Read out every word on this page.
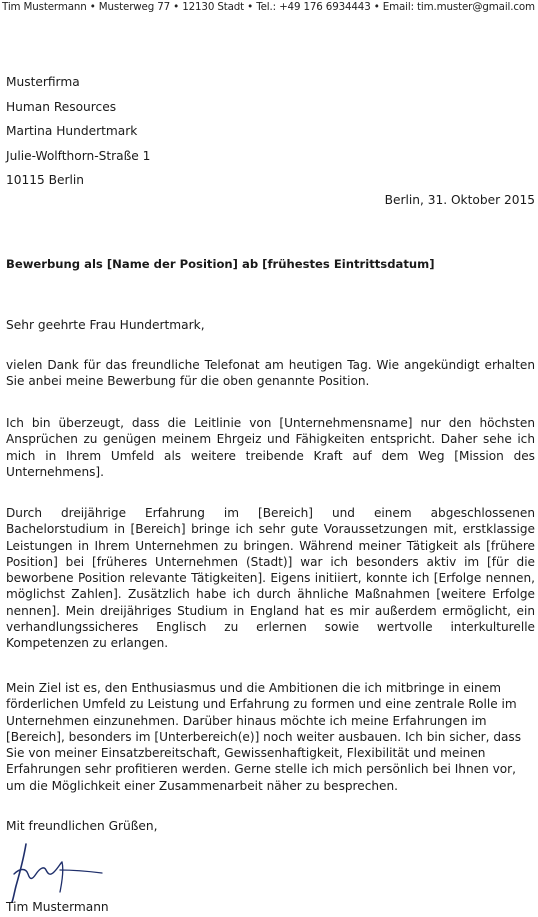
Tim Mustermann • Musterweg 77 • 12130 Stadt • Tel.: +49 176 6934443 • Email: tim.muster@gmail.com
Musterfirma
Human Resources
Martina Hundertmark
Julie-Wolfthorn-Straße 1
10115 Berlin
Berlin, 31. Oktober 2015
Bewerbung als [Name der Position] ab [frühestes Eintrittsdatum]
Sehr geehrte Frau Hundertmark,

vielen Dank für das freundliche Telefonat am heutigen Tag. Wie angekündigt erhalten Sie anbei meine Bewerbung für die oben genannte Position.

Ich bin überzeugt, dass die Leitlinie von [Unternehmensname] nur den höchsten Ansprüchen zu genügen meinem Ehrgeiz und Fähigkeiten entspricht. Daher sehe ich mich in Ihrem Umfeld als weitere treibende Kraft auf dem Weg [Mission des Unternehmens].

Durch dreijährige Erfahrung im [Bereich] und einem abgeschlossenen Bachelorstudium in [Bereich] bringe ich sehr gute Voraussetzungen mit, erstklassige Leistungen in Ihrem Unternehmen zu bringen. Während meiner Tätigkeit als [frühere Position] bei [früheres Unternehmen (Stadt)] war ich besonders aktiv im [für die beworbene Position relevante Tätigkeiten]. Eigens initiiert, konnte ich [Erfolge nennen, möglichst Zahlen]. Zusätzlich habe ich durch ähnliche Maßnahmen [weitere Erfolge nennen]. Mein dreijähriges Studium in England hat es mir außerdem ermöglicht, ein verhandlungssicheres Englisch zu erlernen sowie wertvolle interkulturelle Kompetenzen zu erlangen.

Mein Ziel ist es, den Enthusiasmus und die Ambitionen die ich mitbringe in einem förderlichen Umfeld zu Leistung und Erfahrung zu formen und eine zentrale Rolle im Unternehmen einzunehmen. Darüber hinaus möchte ich meine Erfahrungen im [Bereich], besonders im [Unterbereich(e)] noch weiter ausbauen. Ich bin sicher, dass Sie von meiner Einsatzbereitschaft, Gewissenhaftigkeit, Flexibilität und meinen Erfahrungen sehr profitieren werden. Gerne stelle ich mich persönlich bei Ihnen vor, um die Möglichkeit einer Zusammenarbeit näher zu besprechen.

Mit freundlichen Grüßen,
Tim Mustermann
